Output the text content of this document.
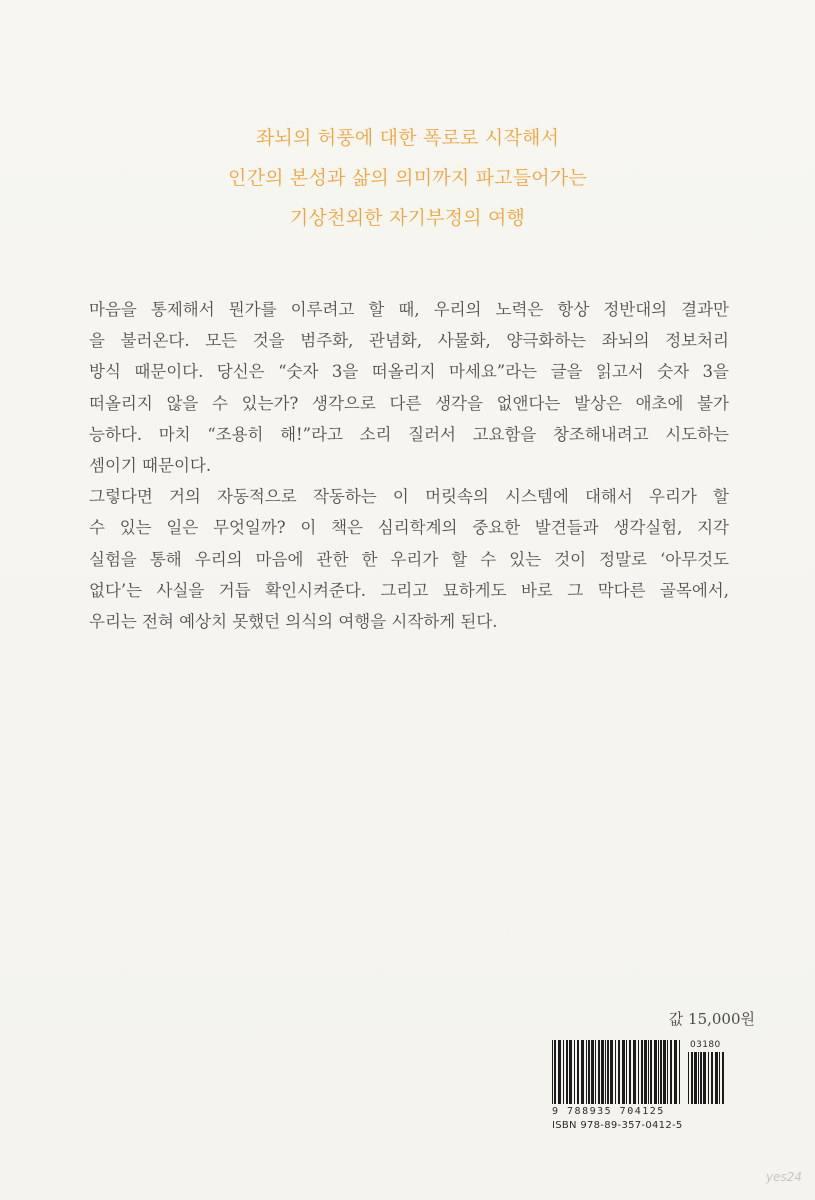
좌뇌의 허풍에 대한 폭로로 시작해서
인간의 본성과 삶의 의미까지 파고들어가는
기상천외한 자기부정의 여행
마음을 통제해서 뭔가를 이루려고 할 때, 우리의 노력은 항상 정반대의 결과만
을 불러온다. 모든 것을 범주화, 관념화, 사물화, 양극화하는 좌뇌의 정보처리
방식 때문이다. 당신은 “숫자 3을 떠올리지 마세요”라는 글을 읽고서 숫자 3을
떠올리지 않을 수 있는가? 생각으로 다른 생각을 없앤다는 발상은 애초에 불가
능하다. 마치 “조용히 해!”라고 소리 질러서 고요함을 창조해내려고 시도하는
셈이기 때문이다.
그렇다면 거의 자동적으로 작동하는 이 머릿속의 시스템에 대해서 우리가 할
수 있는 일은 무엇일까? 이 책은 심리학계의 중요한 발견들과 생각실험, 지각
실험을 통해 우리의 마음에 관한 한 우리가 할 수 있는 것이 정말로 ‘아무것도
없다’는 사실을 거듭 확인시켜준다. 그리고 묘하게도 바로 그 막다른 골목에서,
우리는 전혀 예상치 못했던 의식의 여행을 시작하게 된다.
값 15,000원
03180
9 788935 704125
ISBN 978-89-357-0412-5
yes24
